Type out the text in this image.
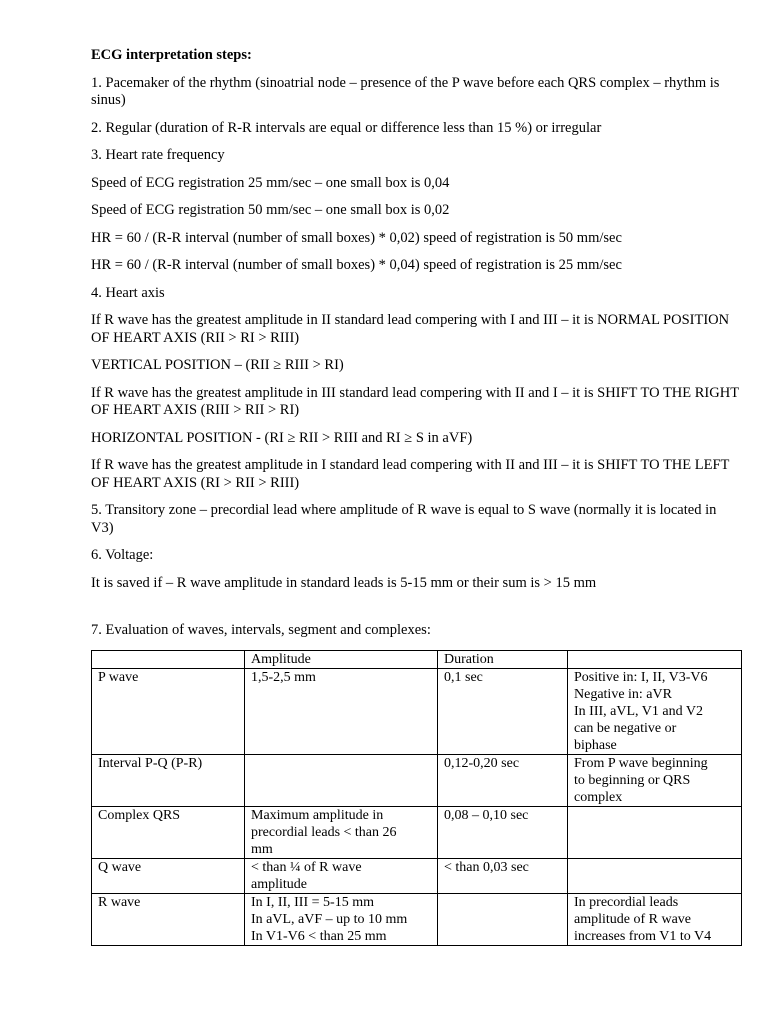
ECG interpretation steps:

1. Pacemaker of the rhythm (sinoatrial node – presence of the P wave before each QRS complex – rhythm is sinus)

2. Regular (duration of R-R intervals are equal or difference less than 15 %) or irregular

3. Heart rate frequency

Speed of ECG registration 25 mm/sec – one small box is 0,04

Speed of ECG registration 50 mm/sec – one small box is 0,02

HR = 60 / (R-R interval (number of small boxes) * 0,02) speed of registration is 50 mm/sec

HR = 60 / (R-R interval (number of small boxes) * 0,04) speed of registration is 25 mm/sec

4. Heart axis

If R wave has the greatest amplitude in II standard lead compering with I and III – it is NORMAL POSITION OF HEART AXIS (RII > RI > RIII)

VERTICAL POSITION – (RII ≥ RIII > RI)

If R wave has the greatest amplitude in III standard lead compering with II and I – it is SHIFT TO THE RIGHT OF HEART AXIS (RIII > RII > RI)

HORIZONTAL POSITION - (RI ≥ RII > RIII and RI ≥ S in aVF)

If R wave has the greatest amplitude in I standard lead compering with II and III – it is SHIFT TO THE LEFT OF HEART AXIS (RI > RII > RIII)

5. Transitory zone – precordial lead where amplitude of R wave is equal to S wave (normally it is located in V3)

6. Voltage:

It is saved if – R wave amplitude in standard leads is 5-15 mm or their sum is > 15 mm

7. Evaluation of waves, intervals, segment and complexes:

	Amplitude	Duration	
P wave	1,5-2,5 mm	0,1 sec	Positive in: I, II, V3-V6
Negative in: aVR
In III, aVL, V1 and V2
can be negative or
biphase

Interval P-Q (P-R)		0,12-0,20 sec	From P wave beginning
to beginning or QRS
complex

Complex QRS	Maximum amplitude in
precordial leads < than 26
mm	0,08 – 0,10 sec	

Q wave	< than ¼ of R wave
amplitude	< than 0,03 sec	

R wave	In I, II, III = 5-15 mm
In aVL, aVF – up to 10 mm
In V1-V6 < than 25 mm		In precordial leads
amplitude of R wave
increases from V1 to V4
